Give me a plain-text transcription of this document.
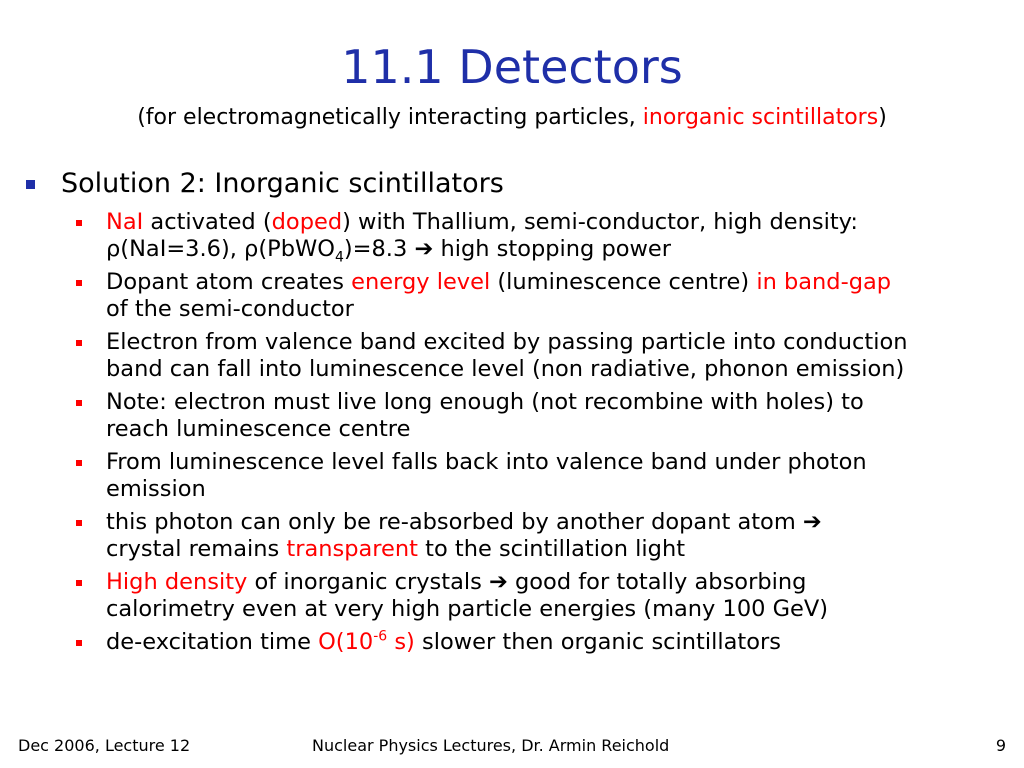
11.1 Detectors
(for electromagnetically interacting particles, inorganic scintillators)
Solution 2: Inorganic scintillators
NaI activated (doped) with Thallium, semi-conductor, high density:
ρ(NaI=3.6), ρ(PbWO$_4$)=8.3 ➔ high stopping power
Dopant atom creates energy level (luminescence centre) in band-gap
of the semi-conductor
Electron from valence band excited by passing particle into conduction
band can fall into luminescence level (non radiative, phonon emission)
Note: electron must live long enough (not recombine with holes) to
reach luminescence centre
From luminescence level falls back into valence band under photon
emission
this photon can only be re-absorbed by another dopant atom ➔
crystal remains transparent to the scintillation light
High density of inorganic crystals ➔ good for totally absorbing
calorimetry even at very high particle energies (many 100 GeV)
de-excitation time $O(10^{-6}$ s) slower then organic scintillators
Dec 2006, Lecture 12	Nuclear Physics Lectures, Dr. Armin Reichold	9
